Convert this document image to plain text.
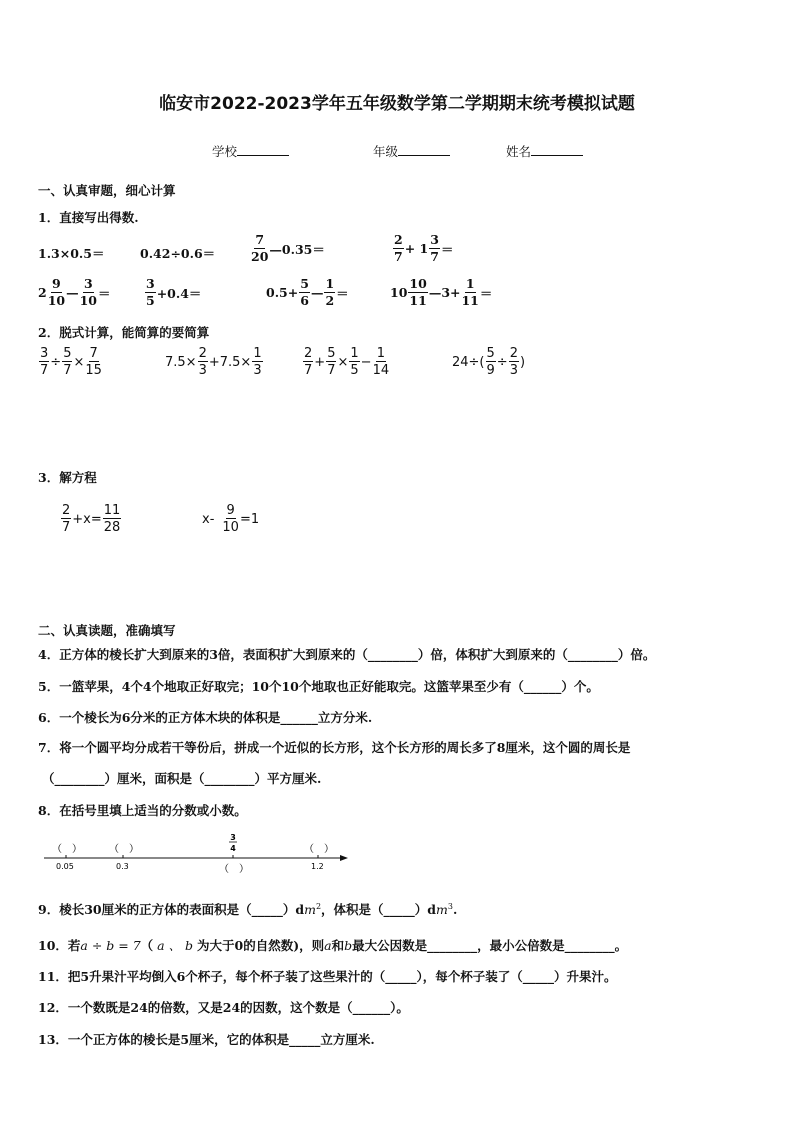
临安市2022-2023学年五年级数学第二学期期末统考模拟试题
学校	年级	姓名
一、认真审题，细心计算
1．直接写出得数.
1.3×0.5＝	0.42÷0.6＝	$\frac{7}{20}$ —0.35＝	$\frac{2}{7} + 1 \frac{3}{7}$ ＝
$2 \frac{9}{10}$ — $\frac{3}{10}$ ＝	$\frac{3}{5} +0.4=$	$0.5+ \frac{5}{6}$ — $\frac{1}{2}$ ＝	$10 \frac{10}{11}$ —3+ $\frac{1}{11}$ ＝
2．脱式计算，能简算的要简算
$\frac{3}{7} \div \frac{5}{7} \times \frac{7}{15}$	$7.5\times \frac{2}{3} +7.5\times \frac{1}{3}$	$\frac{2}{7} + \frac{5}{7} \times \frac{1}{5} - \frac{1}{14}$	$24\div( \frac{5}{9} \div \frac{2}{3}$ )
3．解方程
$\frac{2}{7} +x= \frac{11}{28}$	$x- \frac{9}{10} =1$
二、认真读题，准确填写
4．正方体的棱长扩大到原来的3倍，表面积扩大到原来的（________）倍，体积扩大到原来的（________）倍。
5．一篮苹果，4个4个地取正好取完；10个10个地取也正好能取完。这篮苹果至少有（______）个。
6．一个棱长为6分米的正方体木块的体积是______立方分米.
7．将一个圆平均分成若干等份后，拼成一个近似的长方形，这个长方形的周长多了8厘米，这个圆的周长是
（________）厘米，面积是（________）平方厘米.
8．在括号里填上适当的分数或小数。
（　）	（　）	（　）
3
4
0.05	0.3	1.2
（　）
9．棱长30厘米的正方体的表面积是$(\_\_\_\_\_)dm^2$，体积是$(\_\_\_\_\_)dm^3$.
10．若a ÷ b = 7（ a 、 b 为大于0的自然数)，则a和b最大公因数是________，最小公倍数是________。
11．把5升果汁平均倒入6个杯子，每个杯子装了这些果汁的（_____），每个杯子装了（_____）升果汁。
12．一个数既是24的倍数，又是24的因数，这个数是（______）。
13．一个正方体的棱长是5厘米，它的体积是_____立方厘米.
